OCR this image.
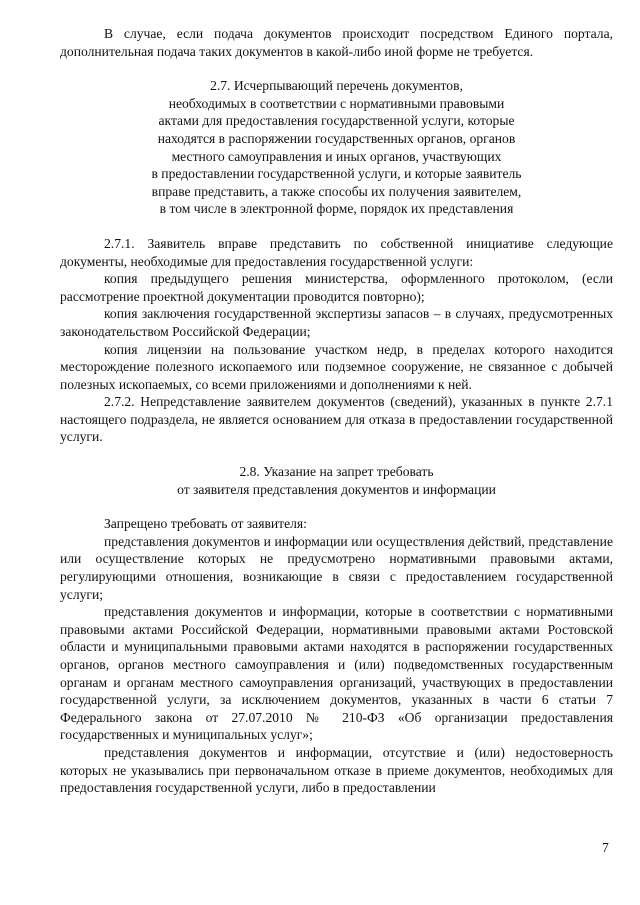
В случае, если подача документов происходит посредством Единого портала, дополнительная подача таких документов в какой-либо иной форме не требуется.

2.7. Исчерпывающий перечень документов,
необходимых в соответствии с нормативными правовыми
актами для предоставления государственной услуги, которые
находятся в распоряжении государственных органов, органов
местного самоуправления и иных органов, участвующих
в предоставлении государственной услуги, и которые заявитель
вправе представить, а также способы их получения заявителем,
в том числе в электронной форме, порядок их представления

2.7.1. Заявитель вправе представить по собственной инициативе следующие документы, необходимые для предоставления государственной услуги:

копия предыдущего решения министерства, оформленного протоколом, (если рассмотрение проектной документации проводится повторно);

копия заключения государственной экспертизы запасов – в случаях, предусмотренных законодательством Российской Федерации;

копия лицензии на пользование участком недр, в пределах которого находится месторождение полезного ископаемого или подземное сооружение, не связанное с добычей полезных ископаемых, со всеми приложениями и дополнениями к ней.

2.7.2. Непредставление заявителем документов (сведений), указанных в пункте 2.7.1 настоящего подраздела, не является основанием для отказа в предоставлении государственной услуги.

2.8. Указание на запрет требовать
от заявителя представления документов и информации

Запрещено требовать от заявителя:

представления документов и информации или осуществления действий, представление или осуществление которых не предусмотрено нормативными правовыми актами, регулирующими отношения, возникающие в связи с предоставлением государственной услуги;

представления документов и информации, которые в соответствии с нормативными правовыми актами Российской Федерации, нормативными правовыми актами Ростовской области и муниципальными правовыми актами находятся в распоряжении государственных органов, органов местного самоуправления и (или) подведомственных государственным органам и органам местного самоуправления организаций, участвующих в предоставлении государственной услуги, за исключением документов, указанных в части 6 статьи 7 Федерального закона от 27.07.2010 № 210-ФЗ «Об организации предоставления государственных и муниципальных услуг»;

представления документов и информации, отсутствие и (или) недостоверность которых не указывались при первоначальном отказе в приеме документов, необходимых для предоставления государственной услуги, либо в предоставлении

7
